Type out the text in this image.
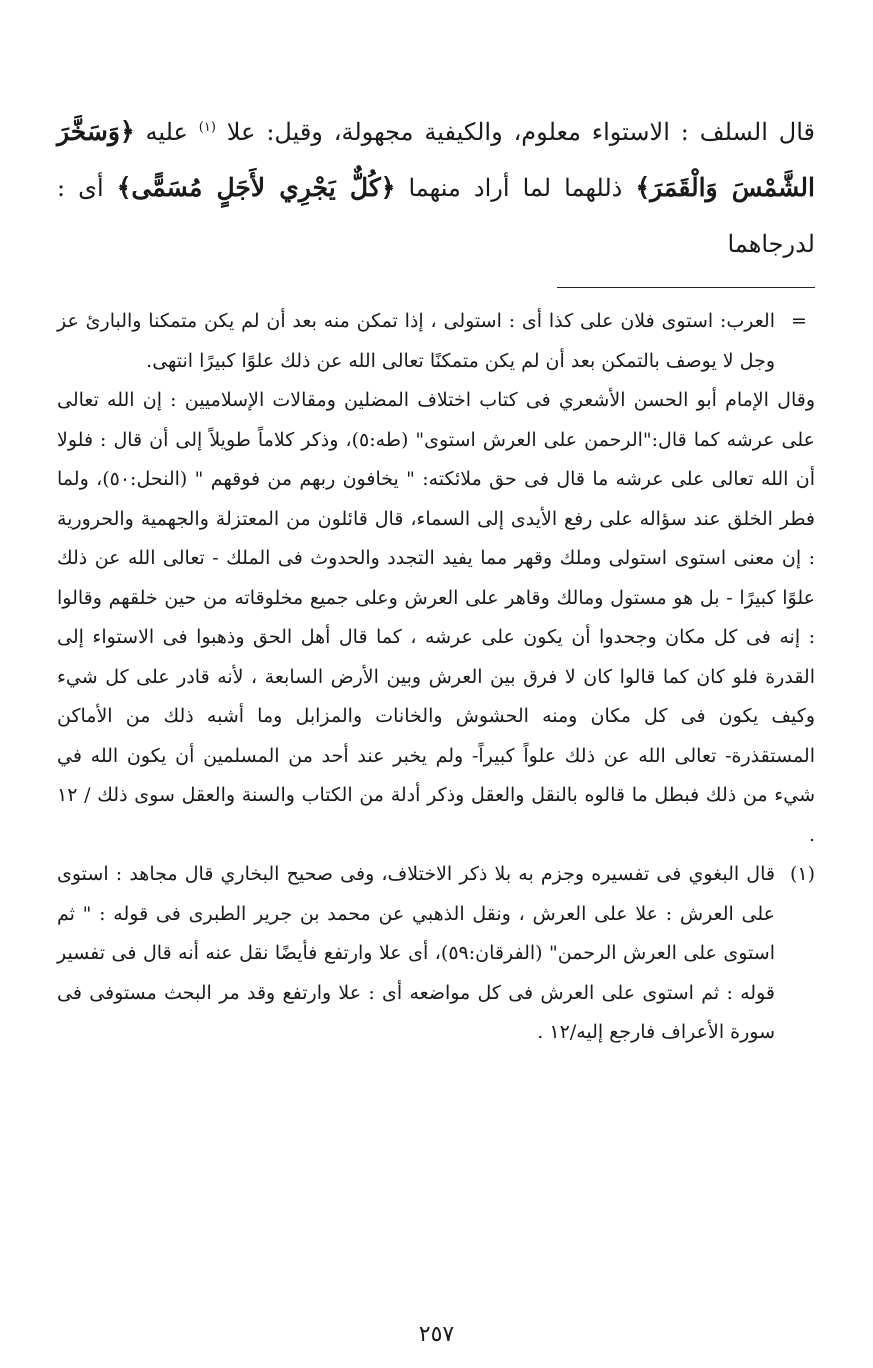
قال السلف : الاستواء معلوم، والكيفية مجهولة، وقيل: علا $^{(١)}$ عليه ﴿وَسَخَّرَ الشَّمْسَ وَالْقَمَرَ﴾ ذللهما لما أراد منهما ﴿كُلٌّ يَجْرِي لأَجَلٍ مُسَمًّى﴾ أى : لدرجاهما

=

العرب: استوى فلان على كذا أى : استولى ، إذا تمكن منه بعد أن لم يكن متمكنا والبارئ عز وجل لا يوصف بالتمكن بعد أن لم يكن متمكنًا تعالى الله عن ذلك علوًا كبيرًا انتهى.

وقال الإمام أبو الحسن الأشعري فى كتاب اختلاف المضلين ومقالات الإسلاميين : إن الله تعالى على عرشه كما قال:"الرحمن على العرش استوى" (طه:٥)، وذكر كلاماً طويلاً إلى أن قال : فلولا أن الله تعالى على عرشه ما قال فى حق ملائكته: " يخافون ربهم من فوقهم " (النحل:٥٠)، ولما فطر الخلق عند سؤاله على رفع الأيدى إلى السماء، قال قائلون من المعتزلة والجهمية والحرورية : إن معنى استوى استولى وملك وقهر مما يفيد التجدد والحدوث فى الملك - تعالى الله عن ذلك علوًا كبيرًا - بل هو مستول ومالك وقاهر على العرش وعلى جميع مخلوقاته من حين خلقهم وقالوا : إنه فى كل مكان وجحدوا أن يكون على عرشه ، كما قال أهل الحق وذهبوا فى الاستواء إلى القدرة فلو كان كما قالوا كان لا فرق بين العرش وبين الأرض السابعة ، لأنه قادر على كل شيء وكيف يكون فى كل مكان ومنه الحشوش والخانات والمزابل وما أشبه ذلك من الأماكن المستقذرة- تعالى الله عن ذلك علواً كبيراً- ولم يخبر عند أحد من المسلمين أن يكون الله في شيء من ذلك فبطل ما قالوه بالنقل والعقل وذكر أدلة من الكتاب والسنة والعقل سوى ذلك / ١٢ .

(١)

قال البغوي فى تفسيره وجزم به بلا ذكر الاختلاف، وفى صحيح البخاري قال مجاهد : استوى على العرش : علا على العرش ، ونقل الذهبي عن محمد بن جرير الطبرى فى قوله : " ثم استوى على العرش الرحمن" (الفرقان:٥٩)، أى علا وارتفع فأيضًا نقل عنه أنه قال فى تفسير قوله : ثم استوى على العرش فى كل مواضعه أى : علا وارتفع وقد مر البحث مستوفى فى سورة الأعراف فارجع إليه/١٢ .

٢٥٧
